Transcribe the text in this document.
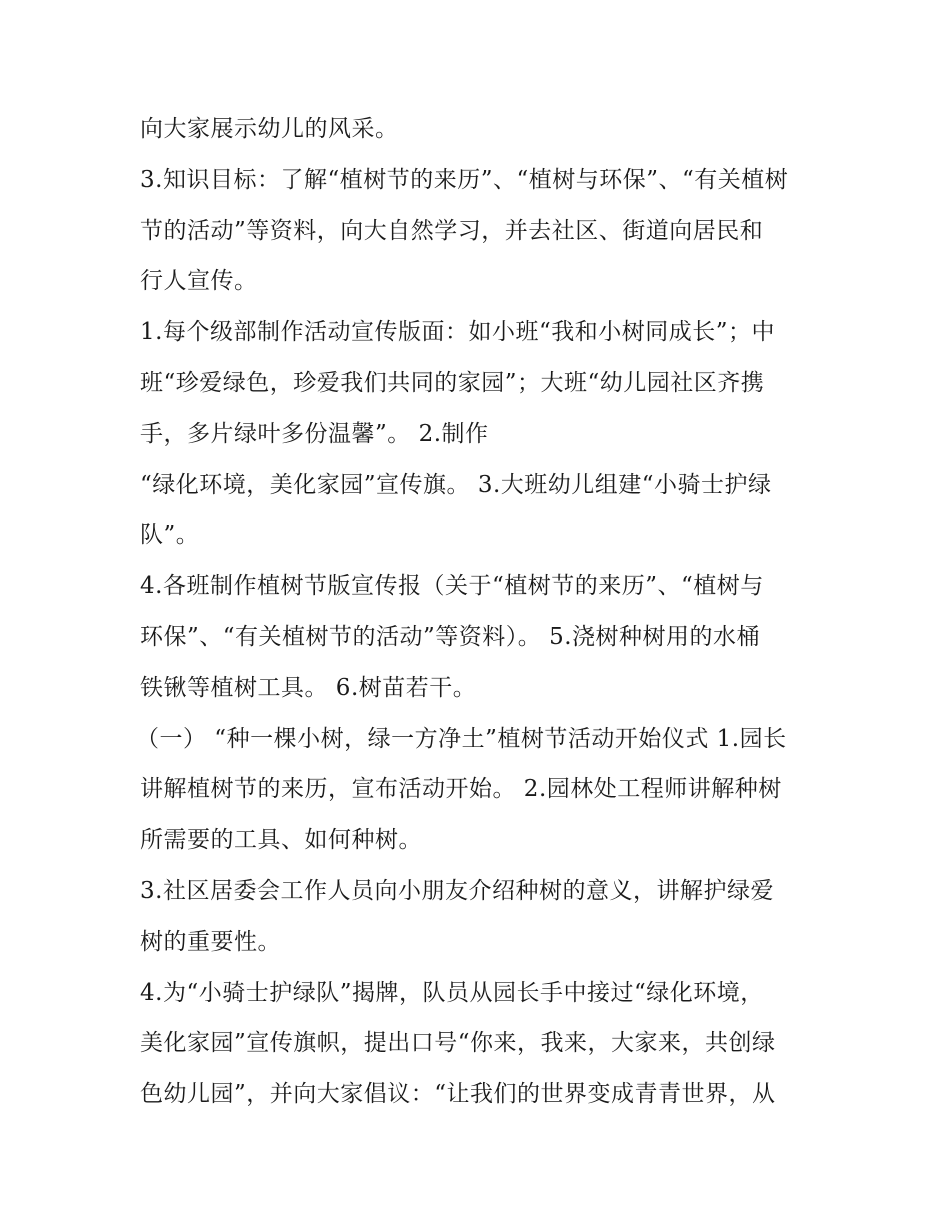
向大家展示幼儿的风采。
3.知识目标：了解“植树节的来历”、“植树与环保”、“有关植树
节的活动”等资料，向大自然学习，并去社区、街道向居民和
行人宣传。
1.每个级部制作活动宣传版面：如小班“我和小树同成长”；中
班“珍爱绿色，珍爱我们共同的家园”；大班“幼儿园社区齐携
手，多片绿叶多份温馨”。 2.制作
“绿化环境，美化家园”宣传旗。 3.大班幼儿组建“小骑士护绿
队”。
4.各班制作植树节版宣传报（关于“植树节的来历”、“植树与
环保”、“有关植树节的活动”等资料）。 5.浇树种树用的水桶
铁锹等植树工具。 6.树苗若干。
（一） “种一棵小树，绿一方净土”植树节活动开始仪式 1.园长
讲解植树节的来历，宣布活动开始。 2.园林处工程师讲解种树
所需要的工具、如何种树。
3.社区居委会工作人员向小朋友介绍种树的意义，讲解护绿爱
树的重要性。
4.为“小骑士护绿队”揭牌，队员从园长手中接过“绿化环境，
美化家园”宣传旗帜，提出口号“你来，我来，大家来，共创绿
色幼儿园”，并向大家倡议：“让我们的世界变成青青世界，从
